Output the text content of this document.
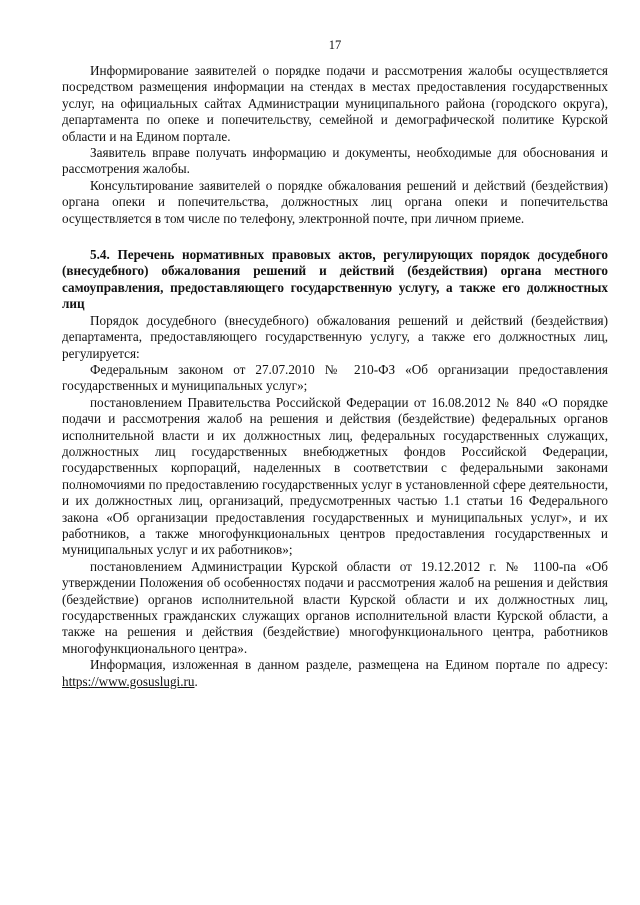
17

Информирование заявителей о порядке подачи и рассмотрения жалобы осуществляется посредством размещения информации на стендах в местах предоставления государственных услуг, на официальных сайтах Администрации муниципального района (городского округа), департамента по опеке и попечительству, семейной и демографической политике Курской области и на Едином портале.

Заявитель вправе получать информацию и документы, необходимые для обоснования и рассмотрения жалобы.

Консультирование заявителей о порядке обжалования решений и действий (бездействия) органа опеки и попечительства, должностных лиц органа опеки и попечительства осуществляется в том числе по телефону, электронной почте, при личном приеме.

5.4. Перечень нормативных правовых актов, регулирующих порядок досудебного (внесудебного) обжалования решений и действий (бездействия) органа местного самоуправления, предоставляющего государственную услугу, а также его должностных лиц

Порядок досудебного (внесудебного) обжалования решений и действий (бездействия) департамента, предоставляющего государственную услугу, а также его должностных лиц, регулируется:

Федеральным законом от 27.07.2010 № 210-ФЗ «Об организации предоставления государственных и муниципальных услуг»;

постановлением Правительства Российской Федерации от 16.08.2012 № 840 «О порядке подачи и рассмотрения жалоб на решения и действия (бездействие) федеральных органов исполнительной власти и их должностных лиц, федеральных государственных служащих, должностных лиц государственных внебюджетных фондов Российской Федерации, государственных корпораций, наделенных в соответствии с федеральными законами полномочиями по предоставлению государственных услуг в установленной сфере деятельности, и их должностных лиц, организаций, предусмотренных частью 1.1 статьи 16 Федерального закона «Об организации предоставления государственных и муниципальных услуг», и их работников, а также многофункциональных центров предоставления государственных и муниципальных услуг и их работников»;

постановлением Администрации Курской области от 19.12.2012 г. № 1100-па «Об утверждении Положения об особенностях подачи и рассмотрения жалоб на решения и действия (бездействие) органов исполнительной власти Курской области и их должностных лиц, государственных гражданских служащих органов исполнительной власти Курской области, а также на решения и действия (бездействие) многофункционального центра, работников многофункционального центра».

Информация, изложенная в данном разделе, размещена на Едином портале по адресу: https://www.gosuslugi.ru.
